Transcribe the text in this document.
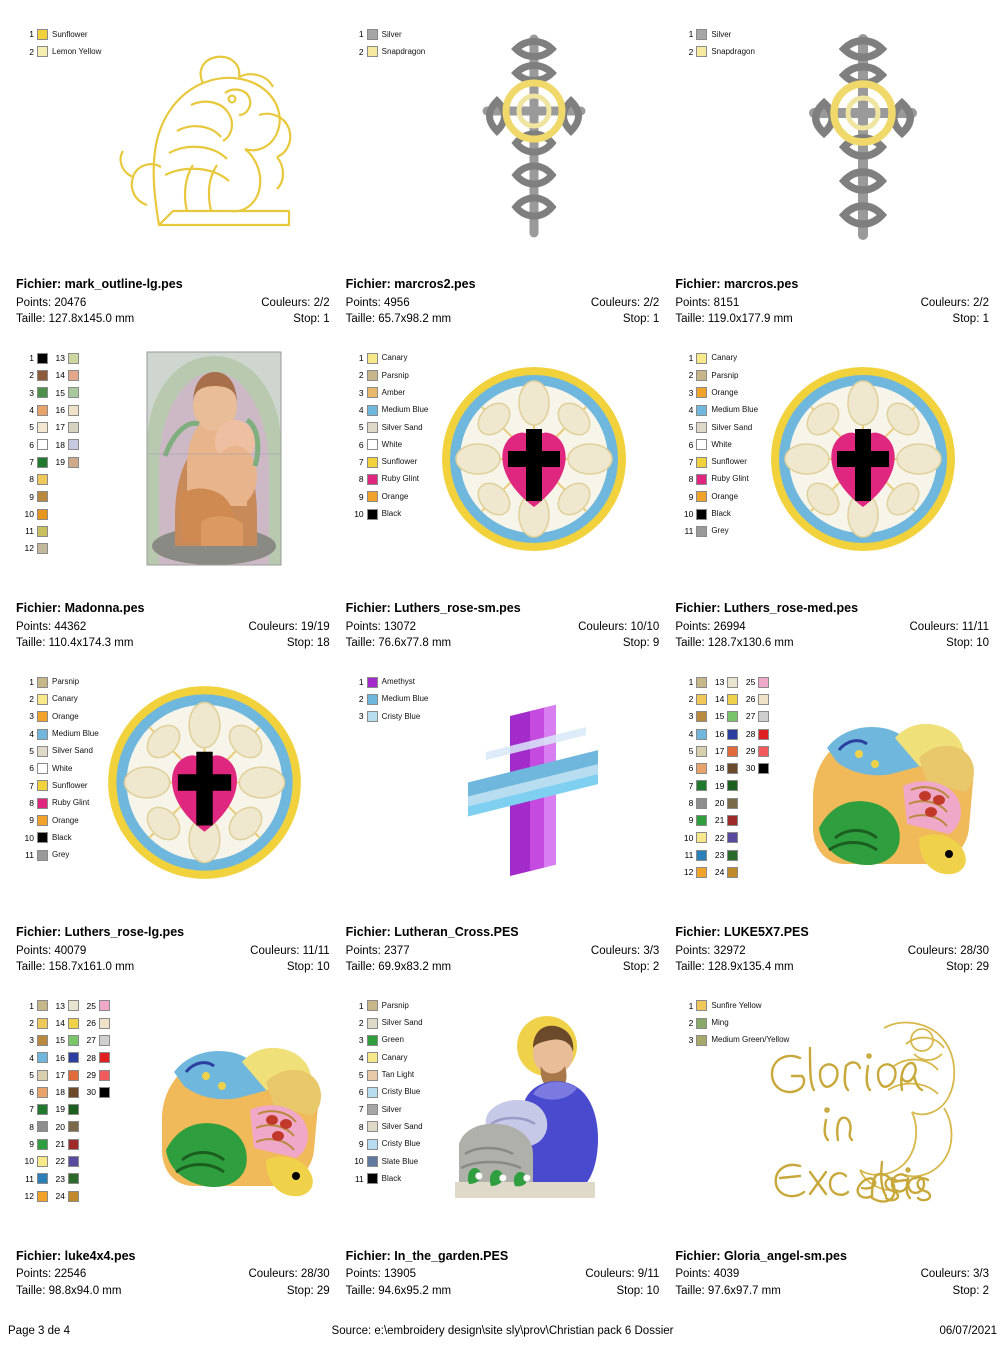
1	Sunflower
2	Lemon Yellow
Fichier: mark_outline-lg.pes
Points: 20476	Couleurs: 2/2
Taille: 127.8x145.0 mm	Stop: 1
1	Silver
2	Snapdragon
Fichier: marcros2.pes
Points: 4956	Couleurs: 2/2
Taille: 65.7x98.2 mm	Stop: 1
1	Silver
2	Snapdragon
Fichier: marcros.pes
Points: 8151	Couleurs: 2/2
Taille: 119.0x177.9 mm	Stop: 1
1
2
3
4
5
6
7
8
9
10
11
12
13
14
15
16
17
18
19
Fichier: Madonna.pes
Points: 44362	Couleurs: 19/19
Taille: 110.4x174.3 mm	Stop: 18
1	Canary
2	Parsnip
3	Amber
4	Medium Blue
5	Silver Sand
6	White
7	Sunflower
8	Ruby Glint
9	Orange
10	Black
Fichier: Luthers_rose-sm.pes
Points: 13072	Couleurs: 10/10
Taille: 76.6x77.8 mm	Stop: 9
1	Canary
2	Parsnip
3	Orange
4	Medium Blue
5	Silver Sand
6	White
7	Sunflower
8	Ruby Glint
9	Orange
10	Black
11	Grey
Fichier: Luthers_rose-med.pes
Points: 26994	Couleurs: 11/11
Taille: 128.7x130.6 mm	Stop: 10
1	Parsnip
2	Canary
3	Orange
4	Medium Blue
5	Silver Sand
6	White
7	Sunflower
8	Ruby Glint
9	Orange
10	Black
11	Grey
Fichier: Luthers_rose-lg.pes
Points: 40079	Couleurs: 11/11
Taille: 158.7x161.0 mm	Stop: 10
1	Amethyst
2	Medium Blue
3	Cristy Blue
Fichier: Lutheran_Cross.PES
Points: 2377	Couleurs: 3/3
Taille: 69.9x83.2 mm	Stop: 2
1
2
3
4
5
6
7
8
9
10
11
12
13
14
15
16
17
18
19
20
21
22
23
24
25
26
27
28
29
30
Fichier: LUKE5X7.PES
Points: 32972	Couleurs: 28/30
Taille: 128.9x135.4 mm	Stop: 29
1
2
3
4
5
6
7
8
9
10
11
12
13
14
15
16
17
18
19
20
21
22
23
24
25
26
27
28
29
30
Fichier: luke4x4.pes
Points: 22546	Couleurs: 28/30
Taille: 98.8x94.0 mm	Stop: 29
1	Parsnip
2	Silver Sand
3	Green
4	Canary
5	Tan Light
6	Cristy Blue
7	Silver
8	Silver Sand
9	Cristy Blue
10	Slate Blue
11	Black
Fichier: In_the_garden.PES
Points: 13905	Couleurs: 9/11
Taille: 94.6x95.2 mm	Stop: 10
1	Sunfire Yellow
2	Ming
3	Medium Green/Yellow
Fichier: Gloria_angel-sm.pes
Points: 4039	Couleurs: 3/3
Taille: 97.6x97.7 mm	Stop: 2
Page 3 de 4	Source: e:\embroidery design\site sly\prov\Christian pack 6 Dossier	06/07/2021
